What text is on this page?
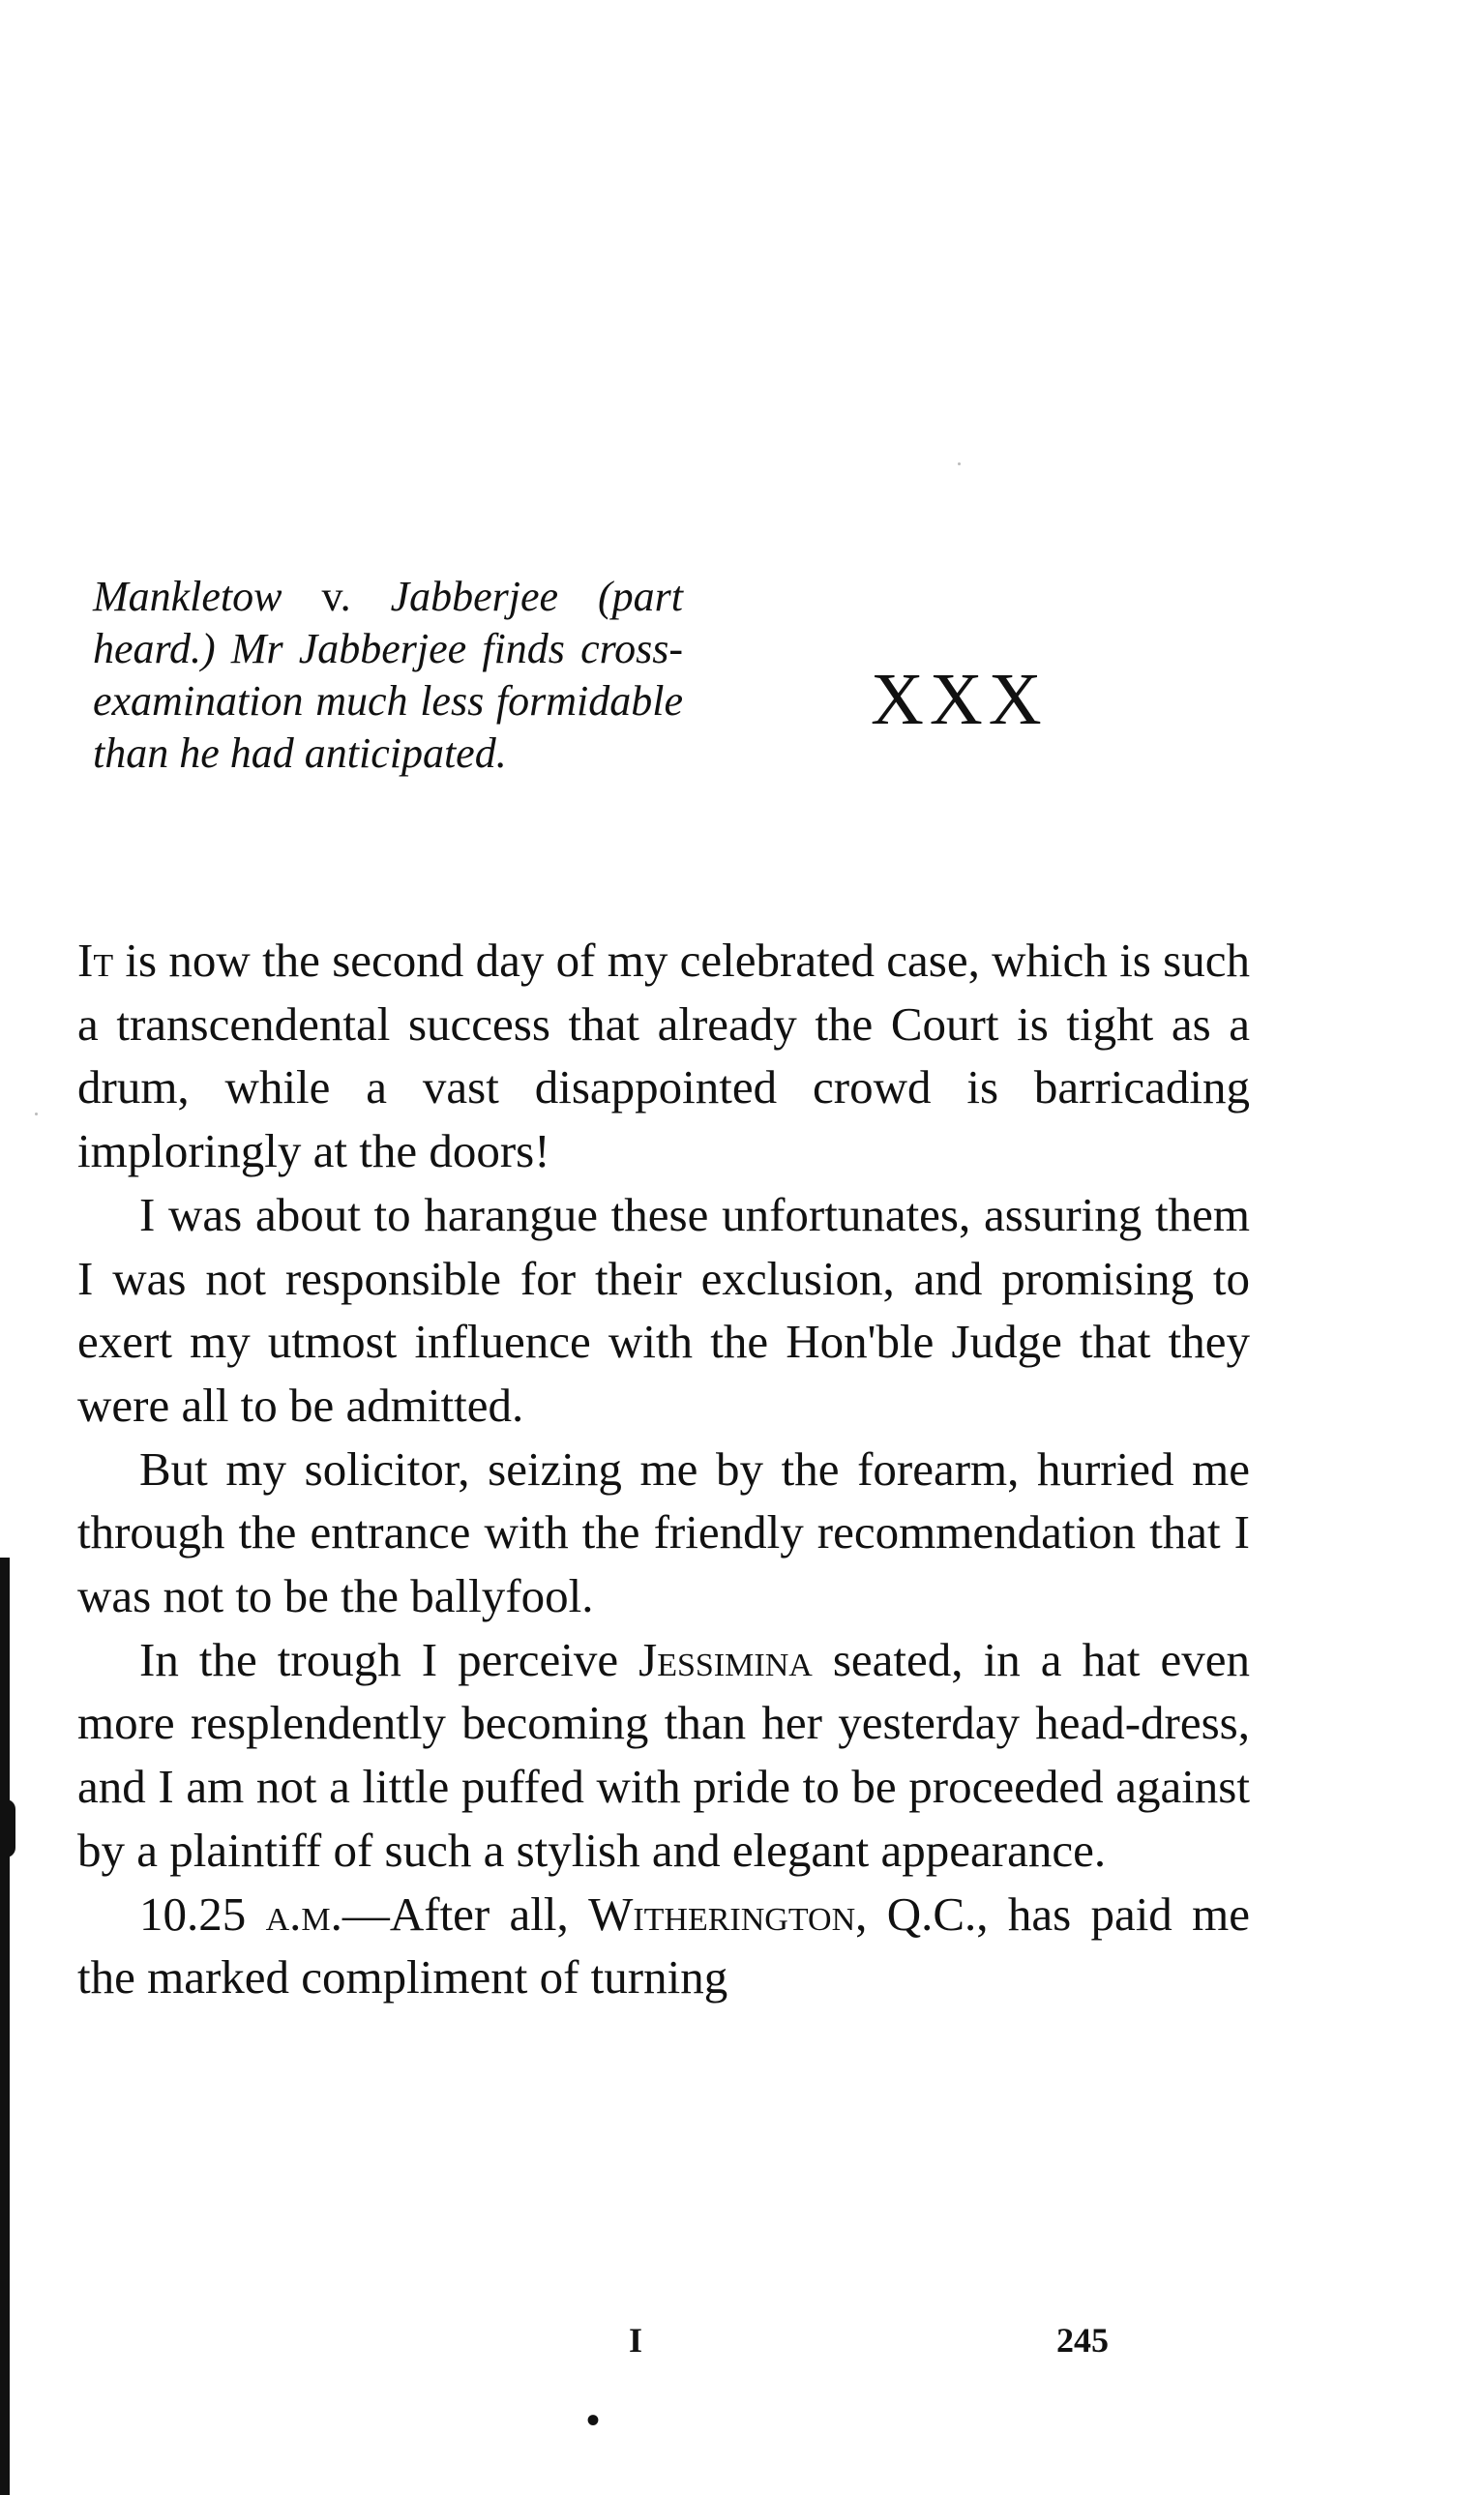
Mankletow v. Jabberjee (part heard.) Mr Jabberjee finds cross-examination much less formidable than he had anticipated.
XXX

It is now the second day of my celebrated case, which is such a transcendental success that already the Court is tight as a drum, while a vast disappointed crowd is barricading imploringly at the doors!

I was about to harangue these unfortunates, assuring them I was not responsible for their exclusion, and promising to exert my utmost influence with the Hon'ble Judge that they were all to be admitted.

But my solicitor, seizing me by the forearm, hurried me through the entrance with the friendly recommendation that I was not to be the ballyfool.

In the trough I perceive Jessimina seated, in a hat even more resplendently becoming than her yesterday head-dress, and I am not a little puffed with pride to be proceeded against by a plaintiff of such a stylish and elegant appearance.

10.25 a.m.—After all, Witherington, Q.C., has paid me the marked compliment of turning

I	245
•
